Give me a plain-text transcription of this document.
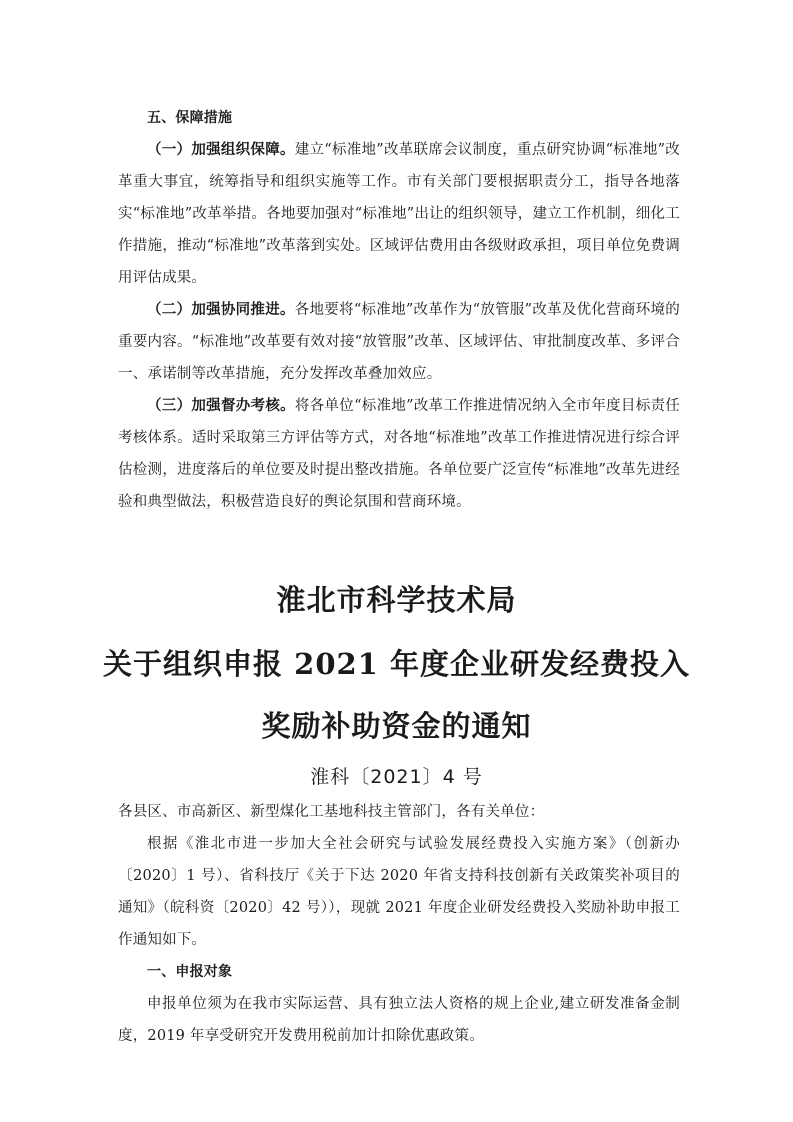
五、保障措施

（一）加强组织保障。建立“标准地”改革联席会议制度，重点研究协调“标准地”改革重大事宜，统筹指导和组织实施等工作。市有关部门要根据职责分工，指导各地落实“标准地”改革举措。各地要加强对“标准地”出让的组织领导，建立工作机制，细化工作措施，推动“标准地”改革落到实处。区域评估费用由各级财政承担，项目单位免费调用评估成果。

（二）加强协同推进。各地要将“标准地”改革作为“放管服”改革及优化营商环境的重要内容。“标准地”改革要有效对接“放管服”改革、区域评估、审批制度改革、多评合一、承诺制等改革措施，充分发挥改革叠加效应。

（三）加强督办考核。将各单位“标准地”改革工作推进情况纳入全市年度目标责任考核体系。适时采取第三方评估等方式，对各地“标准地”改革工作推进情况进行综合评估检测，进度落后的单位要及时提出整改措施。各单位要广泛宣传“标准地”改革先进经验和典型做法，积极营造良好的舆论氛围和营商环境。

淮北市科学技术局
关于组织申报 2021 年度企业研发经费投入
奖励补助资金的通知

淮科〔2021〕4 号

各县区、市高新区、新型煤化工基地科技主管部门，各有关单位：

根据《淮北市进一步加大全社会研究与试验发展经费投入实施方案》（创新办〔2020〕1 号）、省科技厅《关于下达 2020 年省支持科技创新有关政策奖补项目的通知》（皖科资〔2020〕42 号）），现就 2021 年度企业研发经费投入奖励补助申报工作通知如下。

一、申报对象

申报单位须为在我市实际运营、具有独立法人资格的规上企业,建立研发准备金制度，2019 年享受研究开发费用税前加计扣除优惠政策。
